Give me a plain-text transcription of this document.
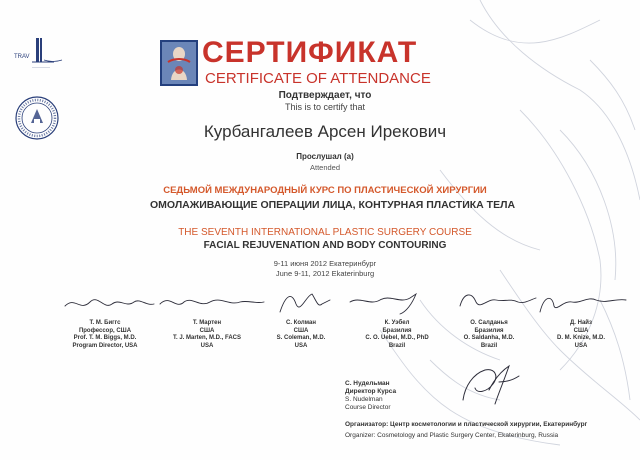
TRAV
——————	СЕРТИФИКАТ
CERTIFICATE OF ATTENDANCE
Подтверждает, что
This is to certify that
Курбангалеев Арсен Ирекович
Прослушал (а)
Attended
СЕДЬМОЙ МЕЖДУНАРОДНЫЙ КУРС ПО ПЛАСТИЧЕСКОЙ ХИРУРГИИ
ОМОЛАЖИВАЮЩИЕ ОПЕРАЦИИ ЛИЦА, КОНТУРНАЯ ПЛАСТИКА ТЕЛА
THE SEVENTH INTERNATIONAL PLASTIC SURGERY COURSE
FACIAL REJUVENATION AND BODY CONTOURING
9-11 июня 2012 Екатеринбург
June 9-11, 2012 Ekaterinburg
Т. М. Биггс
Профессор, США
Prof. T. M. Biggs, M.D.
Program Director, USA
Т. Мартен
США
T. J. Marten, M.D., FACS
USA
С. Колман
США
S. Coleman, M.D.
USA
К. Уэбел
Бразилия
C. O. Uebel, M.D., PhD
Brazil
О. Салданья
Бразилия
O. Saldanha, M.D.
Brazil
Д. Найз
США
D. M. Knize, M.D.
USA
С. Нудельман
Директор Курса
S. Nudelman
Course Director
Организатор: Центр косметологии и пластической хирургии, Екатеринбург
Organizer: Cosmetology and Plastic Surgery Center, Ekaterinburg, Russia
